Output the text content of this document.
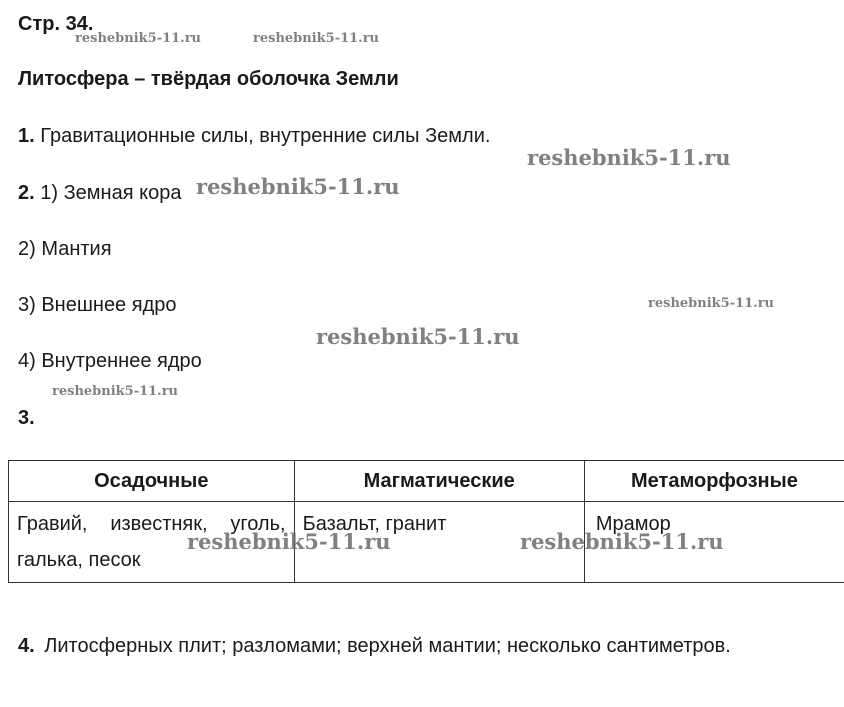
Стр. 34.
Литосфера – твёрдая оболочка Земли
1. Гравитационные силы, внутренние силы Земли.
2. 1) Земная кора
2) Мантия
3) Внешнее ядро
4) Внутреннее ядро
3.
Осадочные	Магматические	Метаморфозные

Гравий, известняк, уголь,
галька, песок	Базальт, гранит	Мрамор
4. Литосферных плит; разломами; верхней мантии; несколько сантиметров.
reshebnik5-11.ru	reshebnik5-11.ru
reshebnik5-11.ru
reshebnik5-11.ru
reshebnik5-11.ru
reshebnik5-11.ru
reshebnik5-11.ru
reshebnik5-11.ru	reshebnik5-11.ru
